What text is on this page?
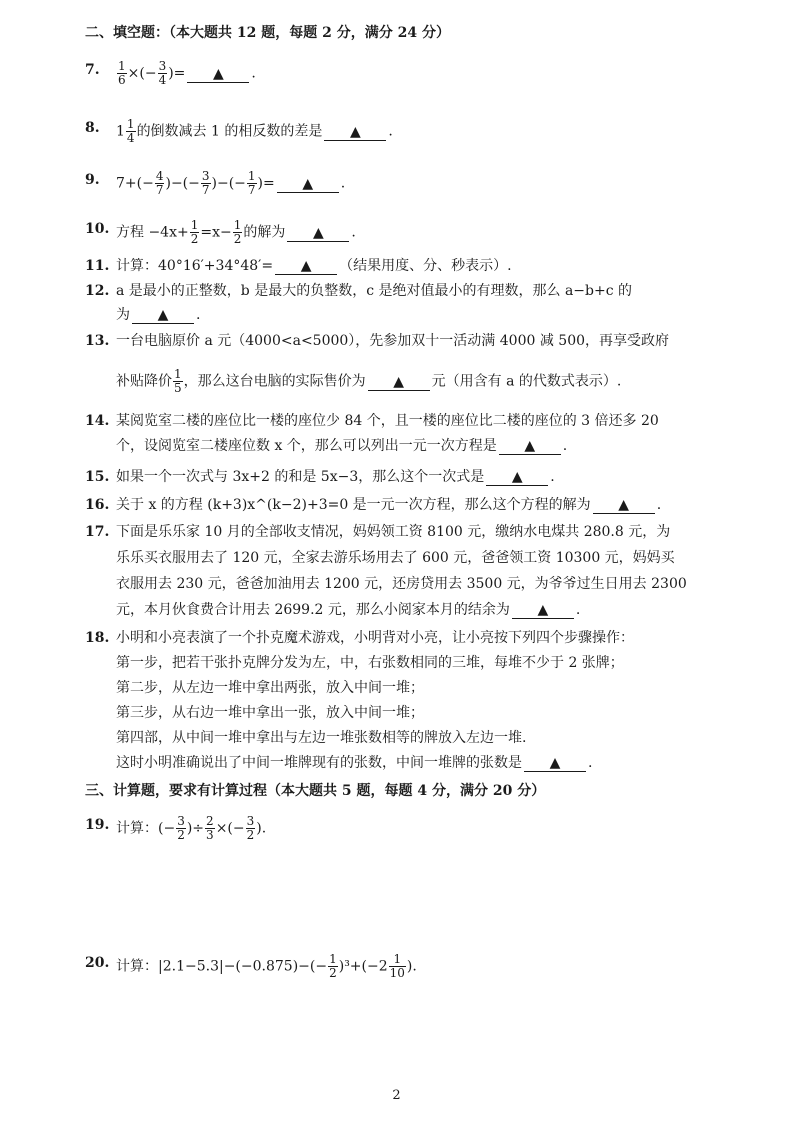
二、填空题：（本大题共 12 题，每题 2 分，满分 24 分）
7. $\frac{1}{6}$ ×(− $\frac{3}{4}$ )= ▲ .
8. $1 \frac{1}{4}$ 的倒数减去 1 的相反数的差是 ▲ .
9. $7+(- \frac{4}{7}$ )−(− $\frac{3}{7}$ )−(− $\frac{1}{7}$ )= ▲ .
10. 方程 $-4x+ \frac{1}{2} =x- \frac{1}{2}$ 的解为 ▲ .
11. 计算：40°16′+34°48′= ▲ （结果用度、分、秒表示）.
12. a 是最小的正整数，b 是最大的负整数，c 是绝对值最小的有理数，那么 a−b+c 的
为 ▲ .
13. 一台电脑原价 a 元（4000<a<5000），先参加双十一活动满 4000 减 500，再享受政府
补贴降价 $\frac{1}{5}$ ，那么这台电脑的实际售价为 ▲ 元（用含有 a 的代数式表示）.
14. 某阅览室二楼的座位比一楼的座位少 84 个，且一楼的座位比二楼的座位的 3 倍还多 20
个，设阅览室二楼座位数 x 个，那么可以列出一元一次方程是 ▲ .
15. 如果一个一次式与 3x+2 的和是 5x−3，那么这个一次式是 ▲ .
16. 关于 x 的方程 (k+3)x^(k−2)+3=0 是一元一次方程，那么这个方程的解为 ▲ .
17. 下面是乐乐家 10 月的全部收支情况，妈妈领工资 8100 元，缴纳水电煤共 280.8 元，为
乐乐买衣服用去了 120 元，全家去游乐场用去了 600 元，爸爸领工资 10300 元，妈妈买
衣服用去 230 元，爸爸加油用去 1200 元，还房贷用去 3500 元，为爷爷过生日用去 2300
元，本月伙食费合计用去 2699.2 元，那么小阅家本月的结余为 ▲ .
18. 小明和小亮表演了一个扑克魔术游戏，小明背对小亮，让小亮按下列四个步骤操作：
第一步，把若干张扑克牌分发为左，中，右张数相同的三堆，每堆不少于 2 张牌；
第二步，从左边一堆中拿出两张，放入中间一堆；
第三步，从右边一堆中拿出一张，放入中间一堆；
第四部，从中间一堆中拿出与左边一堆张数相等的牌放入左边一堆.
这时小明准确说出了中间一堆牌现有的张数，中间一堆牌的张数是 ▲ .
三、计算题，要求有计算过程（本大题共 5 题，每题 4 分，满分 20 分）
19. 计算：(− $\frac{3}{2}$ )÷ $\frac{2}{3}$ ×(− $\frac{3}{2}$ ).
20. 计算：$|2.1-5.3|-(-0.875)-(- \frac{1}{2} )^3+(-2 \frac{1}{10}$ ).
2
